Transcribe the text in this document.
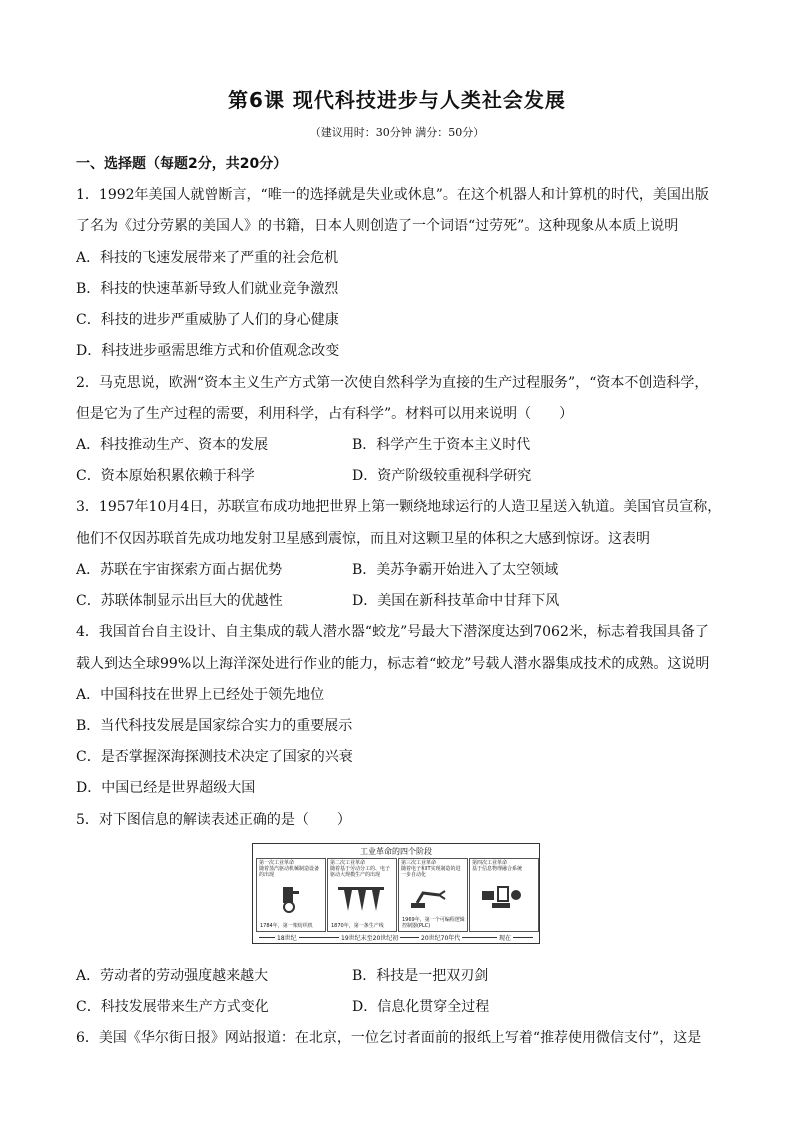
第6课 现代科技进步与人类社会发展
（建议用时：30分钟 满分：50分）
一、选择题（每题2分，共20分）
1．1992年美国人就曾断言，“唯一的选择就是失业或休息”。在这个机器人和计算机的时代，美国出版
了名为《过分劳累的美国人》的书籍，日本人则创造了一个词语“过劳死”。这种现象从本质上说明
A．科技的飞速发展带来了严重的社会危机
B．科技的快速革新导致人们就业竞争激烈
C．科技的进步严重威胁了人们的身心健康
D．科技进步亟需思维方式和价值观念改变
2．马克思说，欧洲“资本主义生产方式第一次使自然科学为直接的生产过程服务”，“资本不创造科学，
但是它为了生产过程的需要，利用科学，占有科学”。材料可以用来说明（ ）
A．科技推动生产、资本的发展	B．科学产生于资本主义时代
C．资本原始积累依赖于科学	D．资产阶级较重视科学研究
3．1957年10月4日，苏联宣布成功地把世界上第一颗绕地球运行的人造卫星送入轨道。美国官员宣称，
他们不仅因苏联首先成功地发射卫星感到震惊，而且对这颗卫星的体积之大感到惊讶。这表明
A．苏联在宇宙探索方面占据优势	B．美苏争霸开始进入了太空领域
C．苏联体制显示出巨大的优越性	D．美国在新科技革命中甘拜下风
4．我国首台自主设计、自主集成的载人潜水器“蛟龙”号最大下潜深度达到7062米，标志着我国具备了
载人到达全球99%以上海洋深处进行作业的能力，标志着“蛟龙”号载人潜水器集成技术的成熟。这说明
A．中国科技在世界上已经处于领先地位
B．当代科技发展是国家综合实力的重要展示
C．是否掌握深海探测技术决定了国家的兴衰
D．中国已经是世界超级大国
5．对下图信息的解读表述正确的是（ ）
工业革命的四个阶段
第一次工业革命
随着蒸汽驱动机械制造设备的出现
1784年，第一架纺织机
第二次工业革命
随着基于劳动分工的、电子驱动大规模生产的出现
1870年，第一条生产线
第三次工业革命
随着电子和IT实现制造的进一步自动化
1969年，第一个可编程逻辑控制器(PLC)
第四次工业革命
基于信息物理融合系统
18世纪	19世纪末至20世纪初	20世纪70年代	现在
A．劳动者的劳动强度越来越大	B．科技是一把双刃剑
C．科技发展带来生产方式变化	D．信息化贯穿全过程
6．美国《华尔街日报》网站报道：在北京，一位乞讨者面前的报纸上写着“推荐使用微信支付”，这是
